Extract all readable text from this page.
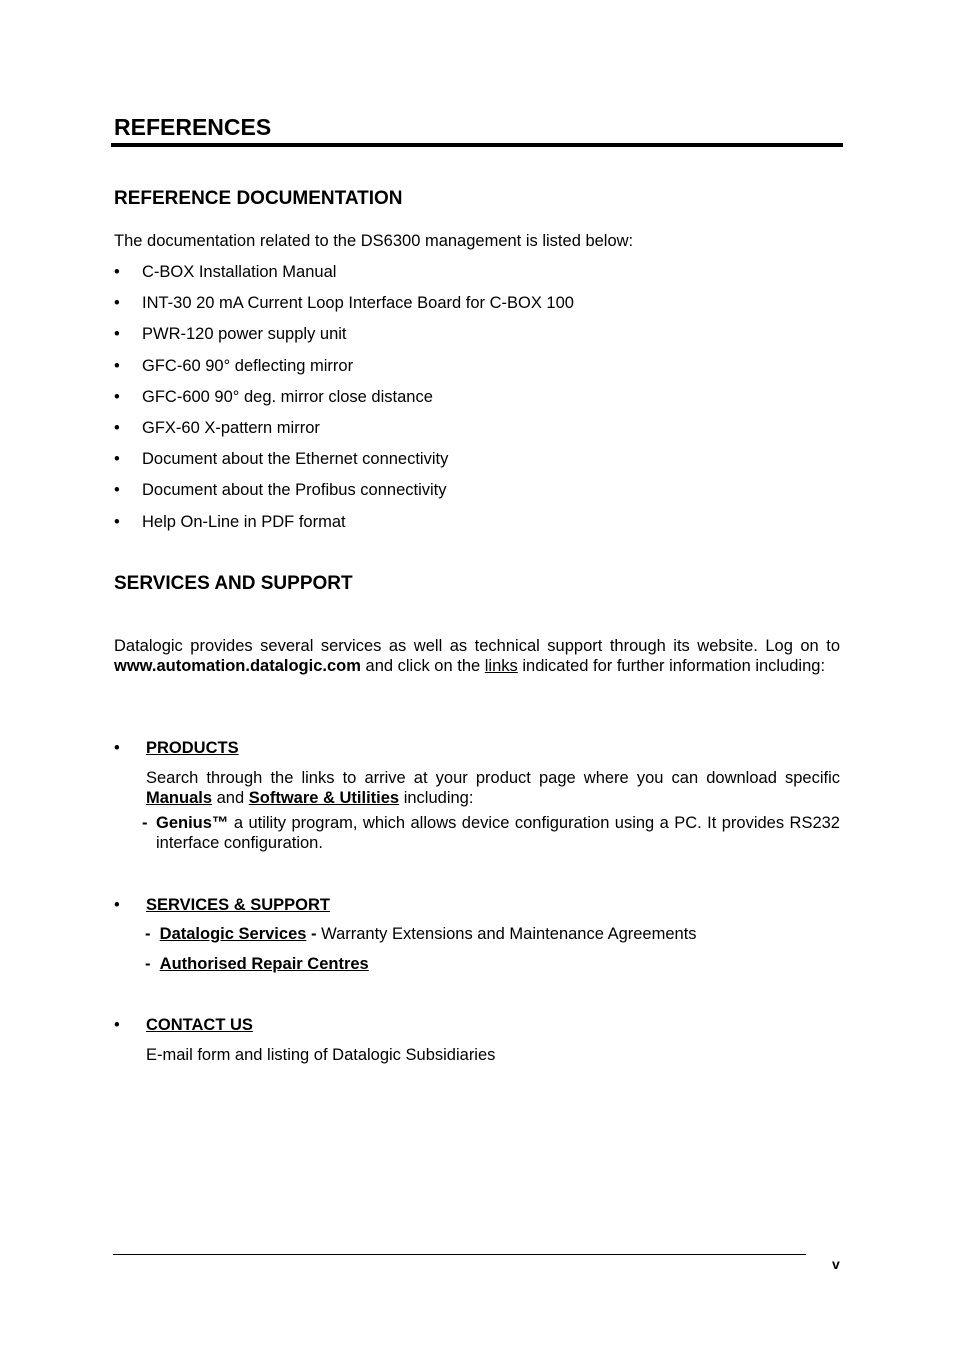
REFERENCES
REFERENCE DOCUMENTATION
The documentation related to the DS6300 management is listed below:
• C-BOX Installation Manual
• INT-30 20 mA Current Loop Interface Board for C-BOX 100
• PWR-120 power supply unit
• GFC-60 90° deflecting mirror
• GFC-600 90° deg. mirror close distance
• GFX-60 X-pattern mirror
• Document about the Ethernet connectivity
• Document about the Profibus connectivity
• Help On-Line in PDF format
SERVICES AND SUPPORT
Datalogic provides several services as well as technical support through its website. Log on to www.automation.datalogic.com and click on the links indicated for further information including:
• PRODUCTS
Search through the links to arrive at your product page where you can download specific Manuals and Software & Utilities including:
- Genius™ a utility program, which allows device configuration using a PC. It provides RS232 interface configuration.
• SERVICES & SUPPORT
- Datalogic Services - Warranty Extensions and Maintenance Agreements
- Authorised Repair Centres
• CONTACT US
E-mail form and listing of Datalogic Subsidiaries
v
